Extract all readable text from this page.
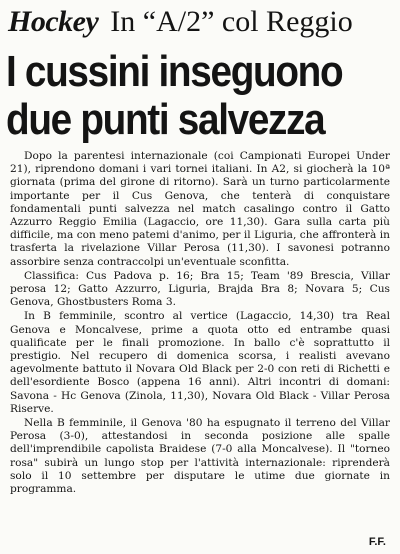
Hockey In “A/2” col Reggio
I cussini inseguono
due punti salvezza

Dopo la parentesi internazionale (coi Campionati Europei Under 21), riprendono domani i vari tornei italiani. In A2, si giocherà la 10ª giornata (prima del girone di ritorno). Sarà un turno particolarmente importante per il Cus Genova, che tenterà di conquistare fondamentali punti salvezza nel match casalingo contro il Gatto Azzurro Reggio Emilia (Lagaccio, ore 11,30). Gara sulla carta più difficile, ma con meno patemi d'animo, per il Liguria, che affronterà in trasferta la rivelazione Villar Perosa (11,30). I savonesi potranno assorbire senza contraccolpi un'eventuale sconfitta.

Classifica: Cus Padova p. 16; Bra 15; Team '89 Brescia, Villar perosa 12; Gatto Azzurro, Liguria, Brajda Bra 8; Novara 5; Cus Genova, Ghostbusters Roma 3.

In B femminile, scontro al vertice (Lagaccio, 14,30) tra Real Genova e Moncalvese, prime a quota otto ed entrambe quasi qualificate per le finali promozione. In ballo c'è soprattutto il prestigio. Nel recupero di domenica scorsa, i realisti avevano agevolmente battuto il Novara Old Black per 2-0 con reti di Richetti e dell'esordiente Bosco (appena 16 anni). Altri incontri di domani: Savona - Hc Genova (Zinola, 11,30), Novara Old Black - Villar Perosa Riserve.

Nella B femminile, il Genova '80 ha espugnato il terreno del Villar Perosa (3-0), attestandosi in seconda posizione alle spalle dell'imprendibile capolista Braidese (7-0 alla Moncalvese). Il "torneo rosa" subirà un lungo stop per l'attività internazionale: riprenderà solo il 10 settembre per disputare le utime due giornate in programma.

F.F.
